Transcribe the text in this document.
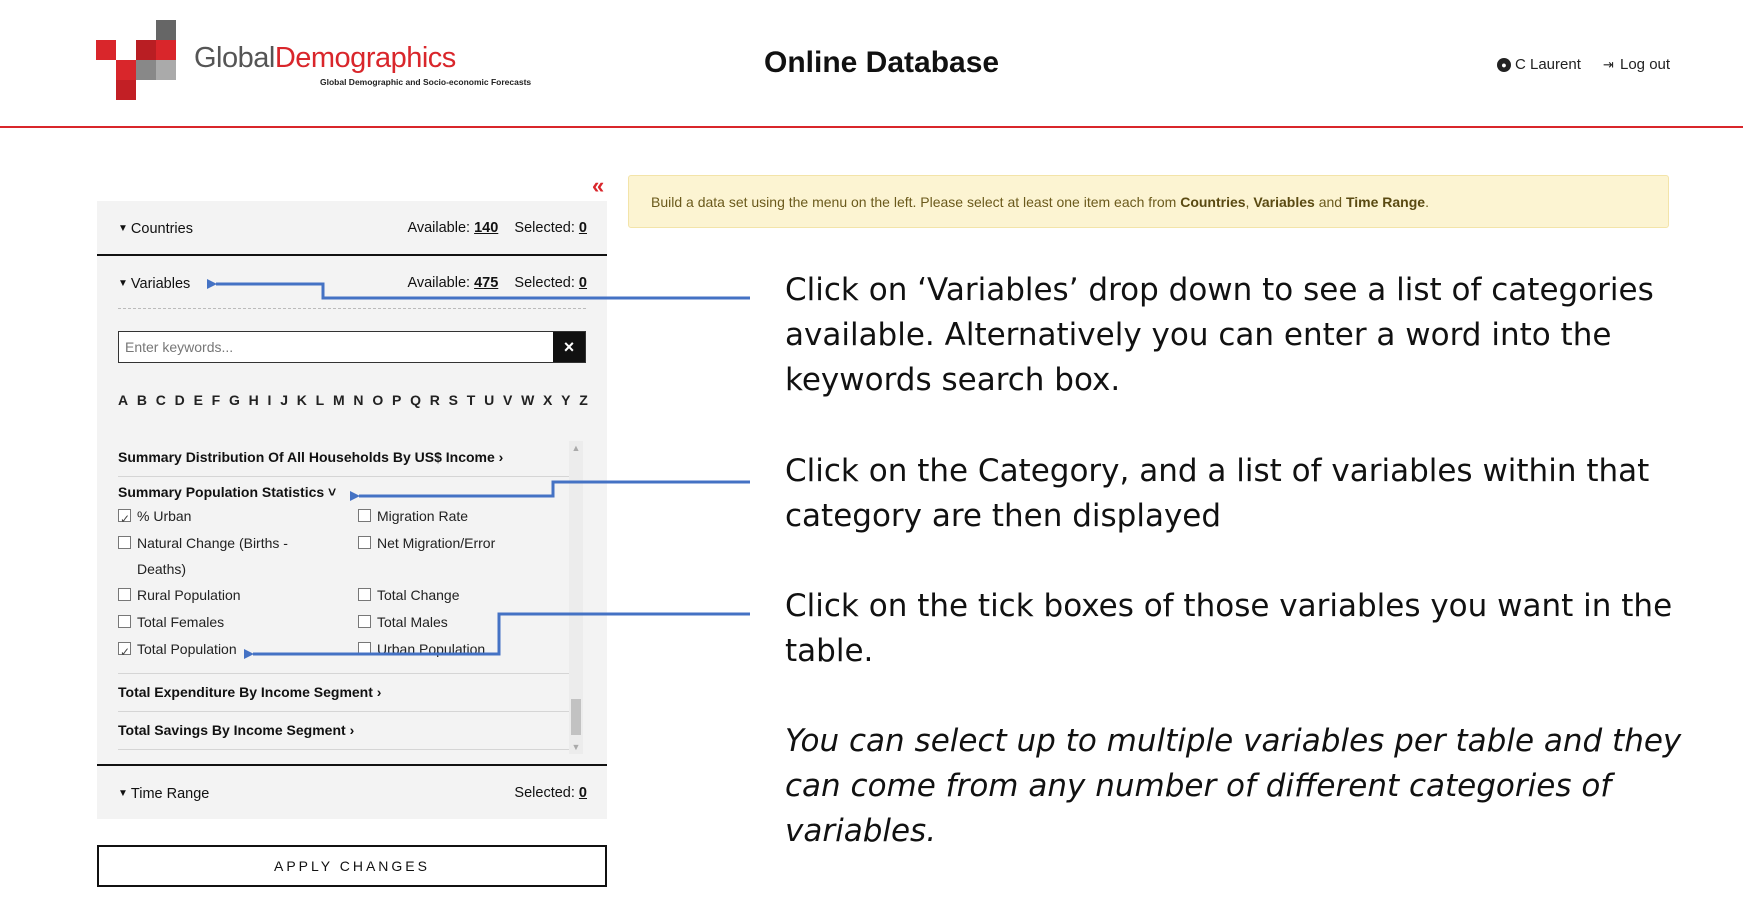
GlobalDemographics
Global Demographic and Socio-economic Forecasts
Online Database	● C Laurent ⇥ Log out
«
Build a data set using the menu on the left. Please select at least one item each from Countries, Variables and Time Range.
▼ Countries	Available: 140 Selected: 0
▼ Variables	Available: 475 Selected: 0
Enter keywords...
×
A B C D E F G H I J K L M N O P Q R S T U V W X Y Z
Summary Distribution Of All Households By US$ Income ›
Summary Population Statistics ˅
✓
% Urban	Migration Rate
Natural Change (Births - Deaths)
Net Migration/Error
Rural Population	Total Change
Total Females	Total Males
✓
Total Population	Urban Population
Total Expenditure By Income Segment ›
Total Savings By Income Segment ›
▲
▼
▼ Time Range	Selected: 0
APPLY CHANGES
Click on ‘Variables’ drop down to see a list of categories available. Alternatively you can enter a word into the keywords search box.
Click on the Category, and a list of variables within that category are then displayed
Click on the tick boxes of those variables you want in the table.
You can select up to multiple variables per table and they can come from any number of different categories of variables.
